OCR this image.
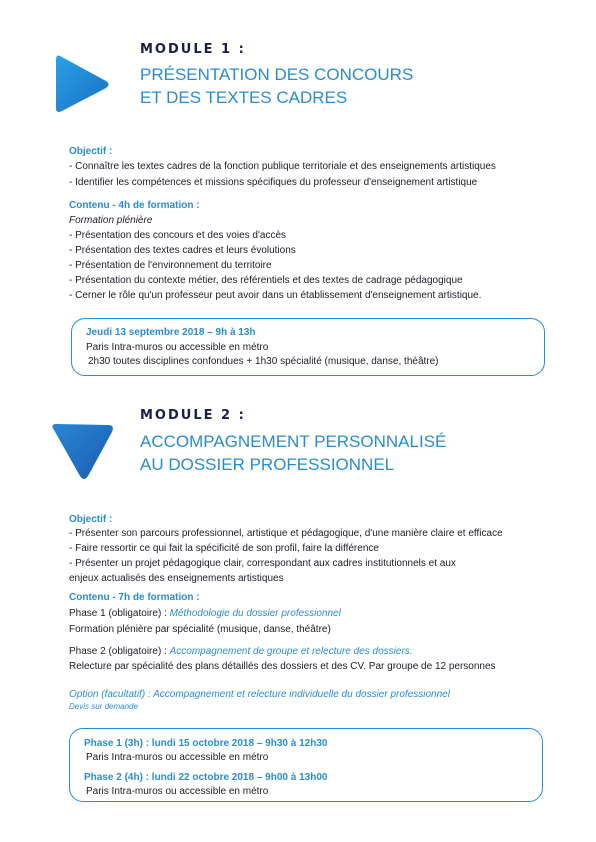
MODULE 1 :
PRÉSENTATION DES CONCOURS
ET DES TEXTES CADRES
Objectif :
- Connaître les textes cadres de la fonction publique territoriale et des enseignements artistiques
- Identifier les compétences et missions spécifiques du professeur d'enseignement artistique
Contenu - 4h de formation :
Formation plénière
- Présentation des concours et des voies d'accès
- Présentation des textes cadres et leurs évolutions
- Présentation de l'environnement du territoire
- Présentation du contexte métier, des référentiels et des textes de cadrage pédagogique
- Cerner le rôle qu'un professeur peut avoir dans un établissement d'enseignement artistique.
Jeudi 13 septembre 2018 – 9h à 13h
Paris Intra-muros ou accessible en métro
2h30 toutes disciplines confondues + 1h30 spécialité (musique, danse, théâtre)
MODULE 2 :
ACCOMPAGNEMENT PERSONNALISÉ
AU DOSSIER PROFESSIONNEL
Objectif :
- Présenter son parcours professionnel, artistique et pédagogique, d'une manière claire et efficace
- Faire ressortir ce qui fait la spécificité de son profil, faire la différence
- Présenter un projet pédagogique clair, correspondant aux cadres institutionnels et aux
enjeux actualisés des enseignements artistiques
Contenu - 7h de formation :
Phase 1 (obligatoire) : Méthodologie du dossier professionnel
Formation plénière par spécialité (musique, danse, théâtre)
Phase 2 (obligatoire) : Accompagnement de groupe et relecture des dossiers.
Relecture par spécialité des plans détaillés des dossiers et des CV. Par groupe de 12 personnes
Option (facultatif) : Accompagnement et relecture individuelle du dossier professionnel
Devis sur demande
Phase 1 (3h) : lundi 15 octobre 2018 – 9h30 à 12h30
Paris Intra-muros ou accessible en métro
Phase 2 (4h) : lundi 22 octobre 2018 – 9h00 à 13h00
Paris Intra-muros ou accessible en métro
